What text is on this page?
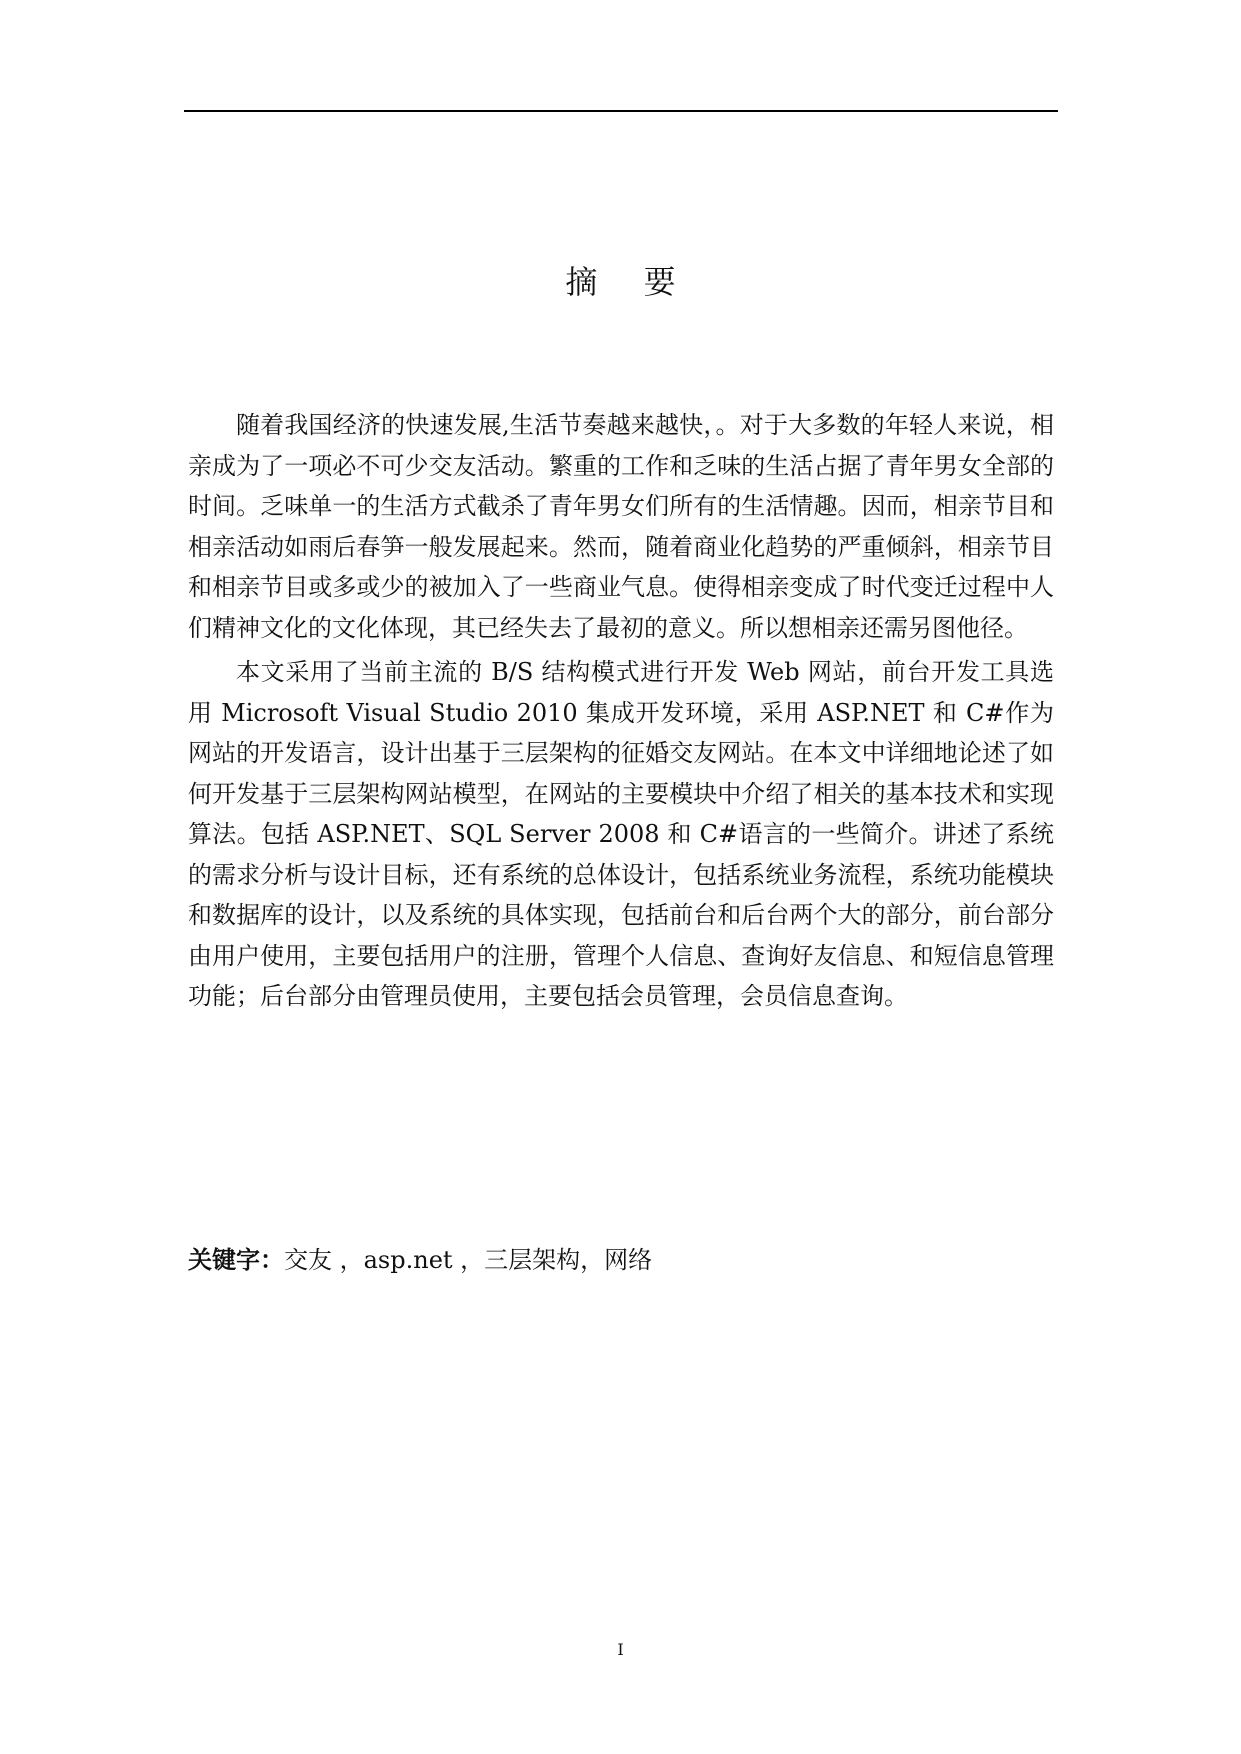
摘 要

随着我国经济的快速发展,生活节奏越来越快，。对于大多数的年轻人来说，相亲成为了一项必不可少交友活动。繁重的工作和乏味的生活占据了青年男女全部的时间。乏味单一的生活方式截杀了青年男女们所有的生活情趣。因而，相亲节目和相亲活动如雨后春笋一般发展起来。然而，随着商业化趋势的严重倾斜，相亲节目和相亲节目或多或少的被加入了一些商业气息。使得相亲变成了时代变迁过程中人们精神文化的文化体现，其已经失去了最初的意义。所以想相亲还需另图他径。

本文采用了当前主流的 B/S 结构模式进行开发 Web 网站，前台开发工具选用 Microsoft Visual Studio 2010 集成开发环境，采用 ASP.NET 和 C#作为网站的开发语言，设计出基于三层架构的征婚交友网站。在本文中详细地论述了如何开发基于三层架构网站模型，在网站的主要模块中介绍了相关的基本技术和实现算法。包括 ASP.NET、SQL Server 2008 和 C#语言的一些简介。讲述了系统的需求分析与设计目标，还有系统的总体设计，包括系统业务流程，系统功能模块和数据库的设计，以及系统的具体实现，包括前台和后台两个大的部分，前台部分由用户使用，主要包括用户的注册，管理个人信息、查询好友信息、和短信息管理功能；后台部分由管理员使用，主要包括会员管理，会员信息查询。

关键字：交友 ，asp.net ，三层架构，网络

I
